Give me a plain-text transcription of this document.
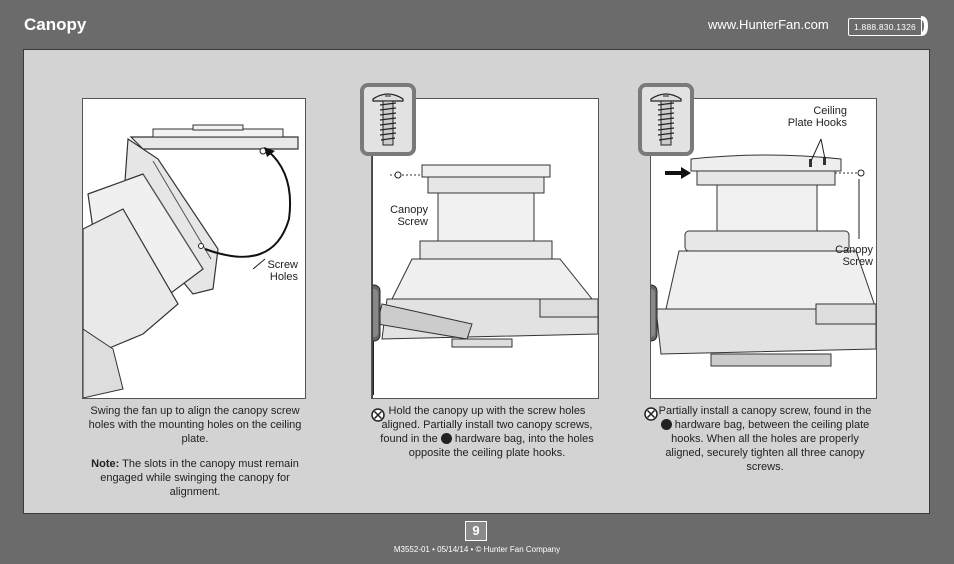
Canopy	www.HunterFan.com	1.888.830.1326
Screw
Holes
Canopy
Screw
Ceiling
Plate Hooks
Canopy
Screw
Swing the fan up to align the canopy screw holes with the mounting holes on the ceiling plate.
Note: The slots in the canopy must remain engaged while swinging the canopy for alignment.
Hold the canopy up with the screw holes aligned. Partially install two canopy screws, found in the  hardware bag, into the holes opposite the ceiling plate hooks.
Partially install a canopy screw, found in the  hardware bag, between the ceiling plate hooks. When all the holes are properly aligned, securely tighten all three canopy screws.
9
M3552-01 • 05/14/14 • © Hunter Fan Company
